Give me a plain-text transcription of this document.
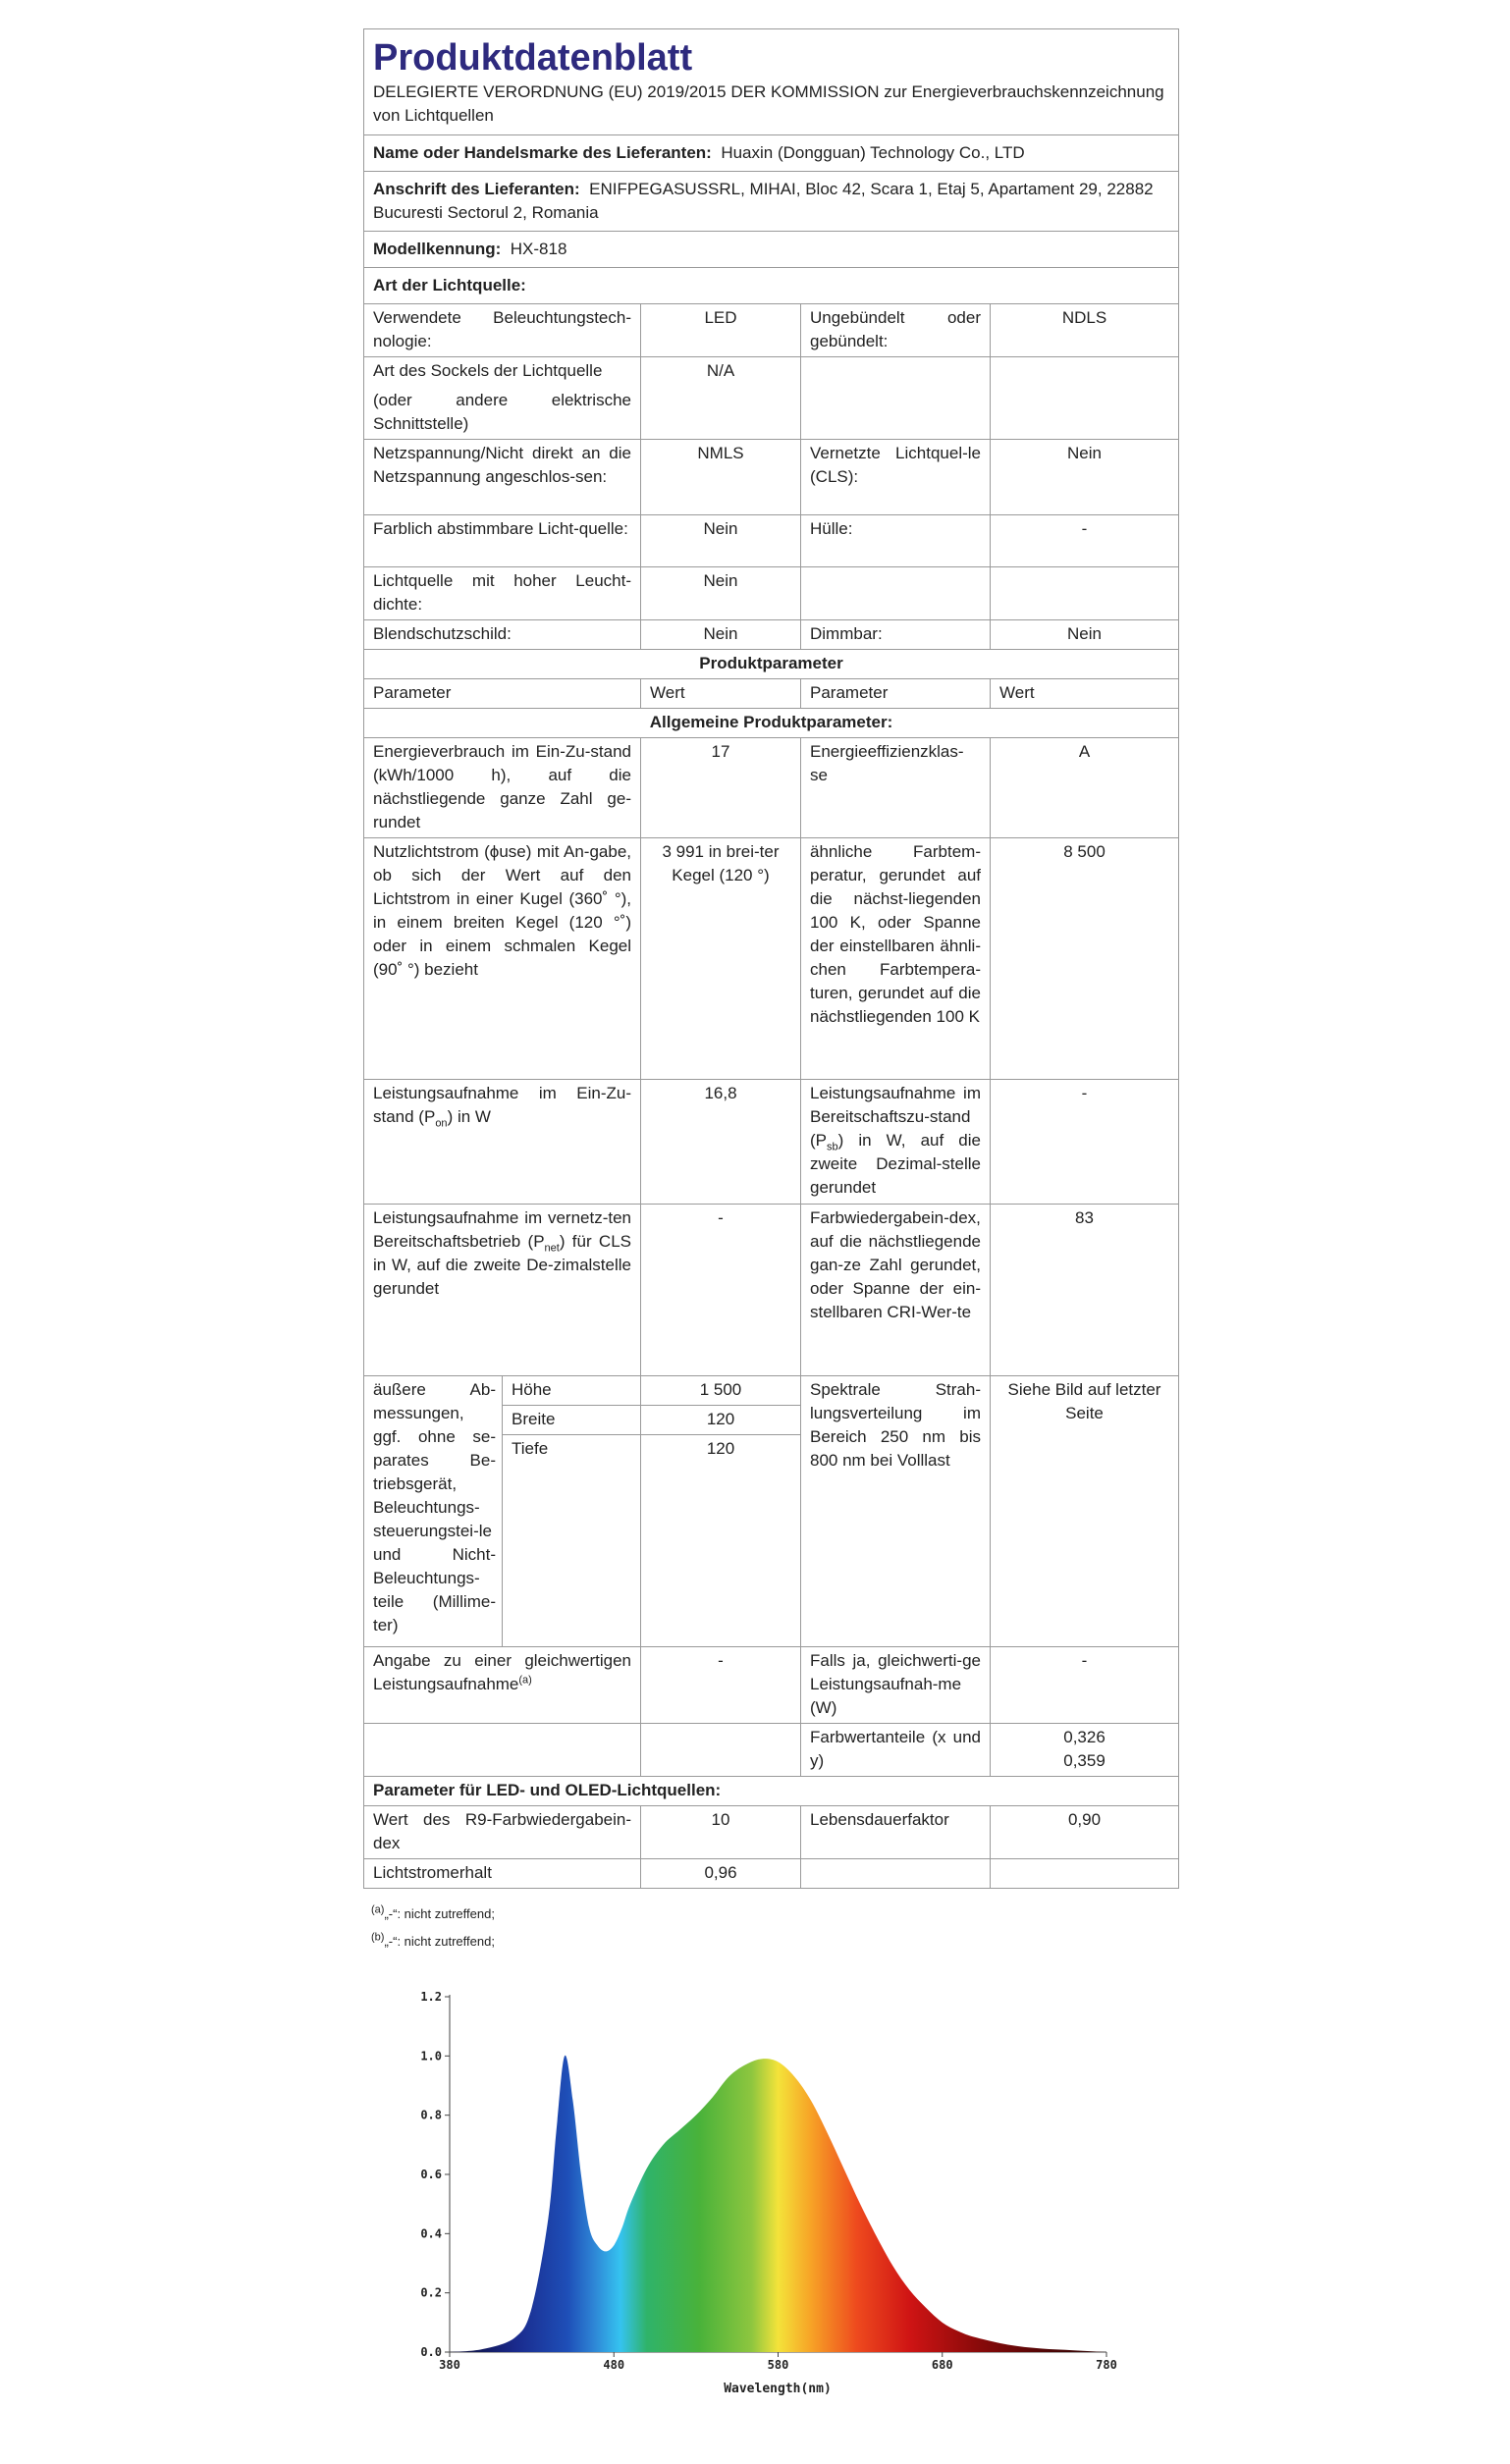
Produktdatenblatt
DELEGIERTE VERORDNUNG (EU) 2019/2015 DER KOMMISSION zur Energieverbrauchskennzeichnung von Lichtquellen				

Name oder Handelsmarke des Lieferanten: Huaxin (Dongguan) Technology Co., LTD				
Anschrift des Lieferanten: ENIFPEGASUSSRL, MIHAI, Bloc 42, Scara 1, Etaj 5, Apartament 29, 22882 Bucuresti Sectorul 2, Romania				
Modellkennung: HX-818				
Art der Lichtquelle:				
Verwendete Beleuchtungstech-nologie:		LED	Ungebündelt oder gebündelt:	NDLS

Art des Sockels der Lichtquelle
(oder andere elektrische Schnittstelle)		N/A		
Netzspannung/Nicht direkt an die Netzspannung angeschlos-sen:		NMLS	Vernetzte Lichtquel-le (CLS):	Nein
Farblich abstimmbare Licht-quelle:		Nein	Hülle:	-
Lichtquelle mit hoher Leucht-dichte:		Nein		
Blendschutzschild:		Nein	Dimmbar:	Nein
Produktparameter				
Parameter		Wert	Parameter	Wert
Allgemeine Produktparameter:				
Energieverbrauch im Ein-Zu-stand (kWh/1000 h), auf die nächstliegende ganze Zahl ge-rundet		17	Energieeffizienzklas-se	A
Nutzlichtstrom (ϕuse) mit An-gabe, ob sich der Wert auf den Lichtstrom in einer Kugel (360˚ °), in einem breiten Kegel (120 °˚) oder in einem schmalen Kegel (90˚ °) bezieht		3 991 in brei-ter Kegel (120 °)	ähnliche Farbtem-peratur, gerundet auf die nächst-liegenden 100 K, oder Spanne der einstellbaren ähnli-chen Farbtempera-turen, gerundet auf die nächstliegenden 100 K	8 500
Leistungsaufnahme im Ein-Zu-stand $(P_{on})$ in W		16,8	Leistungsaufnahme im Bereitschaftszu-stand $(P_{sb})$ in W, auf die zweite Dezimal-stelle gerundet	-
Leistungsaufnahme im vernetz-ten Bereitschaftsbetrieb $(P_{net})$ für CLS in W, auf die zweite De-zimalstelle gerundet		-	Farbwiedergabein-dex, auf die nächstliegende gan-ze Zahl gerundet, oder Spanne der ein-stellbaren CRI-Wer-te	83
äußere Ab-messungen, ggf. ohne se-parates Be-triebsgerät, Beleuchtungs-steuerungstei-le und Nicht-Beleuchtungs-teile (Millime-ter)	Höhe	1 500	Spektrale Strah-lungsverteilung im Bereich 250 nm bis 800 nm bei Volllast	Siehe Bild auf letzter Seite
	Breite	120		
	Tiefe	120		
Angabe zu einer gleichwertigen Leistungsaufnahme$^{(a)}$		-	Falls ja, gleichwerti-ge Leistungsaufnah-me (W)	-
			Farbwertanteile (x und y)	0,326
0,359

Parameter für LED- und OLED-Lichtquellen:				
Wert des R9-Farbwiedergabein-dex		10	Lebensdauerfaktor	0,90
Lichtstromerhalt		0,96		
$^{(a)}$„-“: nicht zutreffend;
$^{(b)}$„-“: nicht zutreffend;
380	480	580	680	780
0.0
0.2
0.4
0.6
0.8
1.0
1.2
Wavelength(nm)
